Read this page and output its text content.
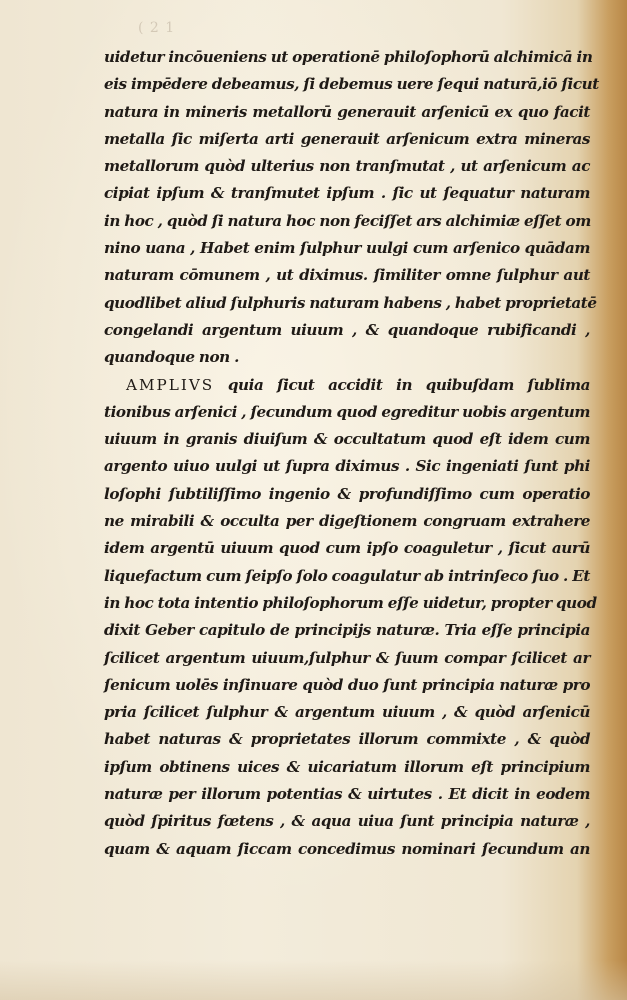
( 2 1
uidetur incōueniens ut operationē philoſophorū alchimicā in
eis impēdere debeamus, ſi debemus uere ſequi naturā,iō ſicut
natura in mineris metallorū generauit arſenicū ex quo facit
metalla ſic miſerta arti generauit arſenicum extra mineras
metallorum quòd ulterius non tranſmutat , ut arſenicum ac
cipiat ipſum & tranſmutet ipſum . ſic ut ſequatur naturam
in hoc , quòd ſi natura hoc non feciſſet ars alchimiæ eſſet om
nino uana , Habet enim ſulphur uulgi cum arſenico quādam
naturam cōmunem , ut diximus. ſimiliter omne ſulphur aut
quodlibet aliud ſulphuris naturam habens , habet proprietatē
congelandi argentum uiuum , & quandoque rubificandi ,
quandoque non .
AMPLIVS quia ſicut accidit in quibuſdam ſublima
tionibus arſenici , ſecundum quod egreditur uobis argentum
uiuum in granis diuiſum & occultatum quod eſt idem cum
argento uiuo uulgi ut ſupra diximus . Sic ingeniati ſunt phi
loſophi ſubtiliſſimo ingenio & profundiſſimo cum operatio
ne mirabili & occulta per digeſtionem congruam extrahere
idem argentū uiuum quod cum ipſo coaguletur , ſicut aurū
liquefactum cum ſeipſo ſolo coagulatur ab intrinſeco ſuo . Et
in hoc tota intentio philoſophorum eſſe uidetur, propter quod
dixit Geber capitulo de principijs naturæ. Tria eſſe principia
ſcilicet argentum uiuum,ſulphur & ſuum compar ſcilicet ar
ſenicum uolēs inſinuare quòd duo ſunt principia naturæ pro
pria ſcilicet ſulphur & argentum uiuum , & quòd arſenicū
habet naturas & proprietates illorum commixte , & quòd
ipſum obtinens uices & uicariatum illorum eſt principium
naturæ per illorum potentias & uirtutes . Et dicit in eodem
quòd ſpiritus fœtens , & aqua uiua ſunt principia naturæ ,
quam & aquam ſiccam concedimus nominari ſecundum an
